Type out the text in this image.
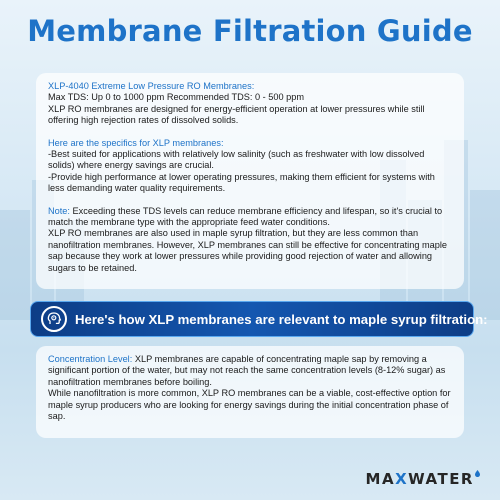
Membrane Filtration Guide

XLP-4040 Extreme Low Pressure RO Membranes:

Max TDS: Up 0 to 1000 ppm Recommended TDS: 0 - 500 ppm

XLP RO membranes are designed for energy-efficient operation at lower pressures while still offering high rejection rates of dissolved solids.

Here are the specifics for XLP membranes:

-Best suited for applications with relatively low salinity (such as freshwater with low dissolved solids) where energy savings are crucial.

-Provide high performance at lower operating pressures, making them efficient for systems with less demanding water quality requirements.

Note: Exceeding these TDS levels can reduce membrane efficiency and lifespan, so it's crucial to match the membrane type with the appropriate feed water conditions.

XLP RO membranes are also used in maple syrup filtration, but they are less common than nanofiltration membranes. However, XLP membranes can still be effective for concentrating maple sap because they work at lower pressures while providing good rejection of water and allowing sugars to be retained.

Here's how XLP membranes are relevant to maple syrup filtration:

Concentration Level: XLP membranes are capable of concentrating maple sap by removing a significant portion of the water, but may not reach the same concentration levels (8-12% sugar) as nanofiltration membranes before boiling.

While nanofiltration is more common, XLP RO membranes can be a viable, cost-effective option for maple syrup producers who are looking for energy savings during the initial concentration phase of sap.

MA X WATER
